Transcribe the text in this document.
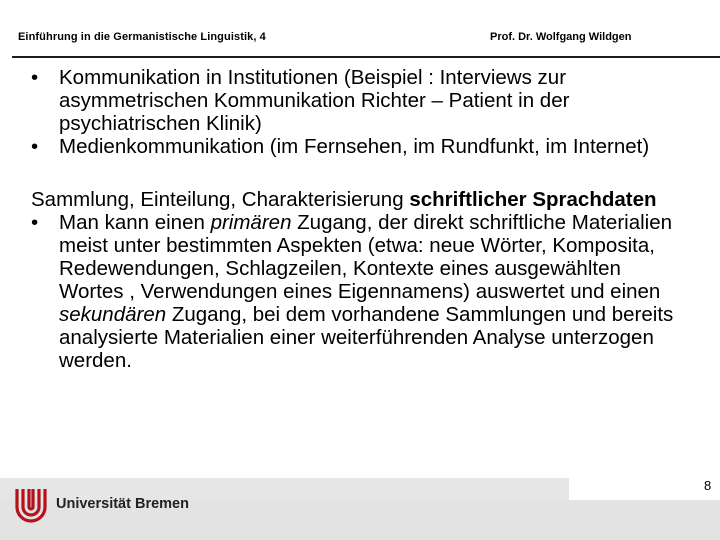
Einführung in die Germanistische Linguistik, 4	Prof. Dr. Wolfgang Wildgen
•	Kommunikation in Institutionen (Beispiel : Interviews zur asymmetrischen Kommunikation Richter – Patient in der psychiatrischen Klinik)
•	Medienkommunikation (im Fernsehen, im Rundfunkt, im Internet)

Sammlung, Einteilung, Charakterisierung schriftlicher Sprachdaten

•	Man kann einen primären Zugang, der direkt schriftliche Materialien meist unter bestimmten Aspekten (etwa: neue Wörter, Komposita, Redewendungen, Schlagzeilen, Kontexte eines ausgewählten Wortes , Verwendungen eines Eigennamens) auswertet und einen sekundären Zugang, bei dem vorhandene Sammlungen und bereits analysierte Materialien einer weiterführenden Analyse unterzogen werden.
8
Universität Bremen
